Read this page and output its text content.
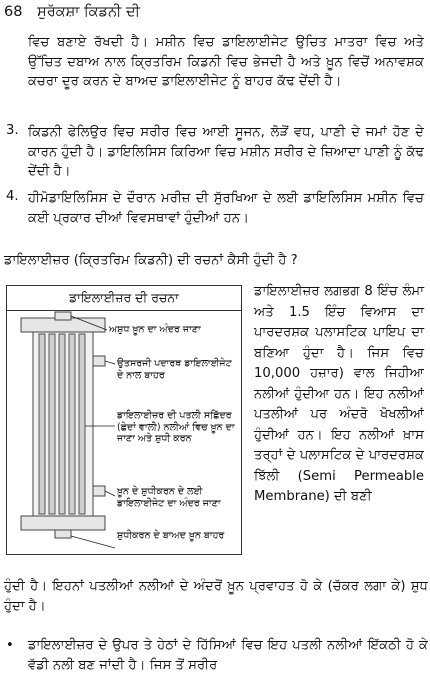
68 ਸੁਰੱਕਸ਼ਾ ਕਿਡਨੀ ਦੀ
ਵਿਚ ਬਣਾਏ ਰੱਖਦੀ ਹੈ। ਮਸ਼ੀਨ ਵਿਚ ਡਾਇਲਾਈਜੇਟ ਉਚਿਤ ਮਾਤਰਾ ਵਿਚ ਅਤੇ ਉੱਚਿਤ ਦਬਾਅ ਨਾਲ ਕ੍ਰਿਤਰਿਮ ਕਿਡਨੀ ਵਿਚ ਭੇਜਦੀ ਹੈ ਅਤੇ ਖ਼ੂਨ ਵਿਚੋਂ ਅਨਾਵਸ਼ਕ ਕਚਰਾ ਦੂਰ ਕਰਨ ਦੇ ਬਾਅਦ ਡਾਇਲਾਈਜੇਟ ਨੂੰ ਬਾਹਰ ਕੱਢ ਦੇਂਦੀ ਹੈ।
3. ਕਿਡਨੀ ਫੇਲਿਉਰ ਵਿਚ ਸਰੀਰ ਵਿਚ ਆਈ ਸੂਜਨ, ਲੋੜੋਂ ਵਧ, ਪਾਣੀ ਦੇ ਜਮਾਂ ਹੋਣ ਦੇ ਕਾਰਨ ਹੁੰਦੀ ਹੈ। ਡਾਇਲਿਸਿਸ ਕਿਰਿਆ ਵਿਚ ਮਸ਼ੀਨ ਸਰੀਰ ਦੇ ਜ਼ਿਆਦਾ ਪਾਣੀ ਨੂੰ ਕੱਢ ਦੇਂਦੀ ਹੈ।
4. ਹੀਮੋਡਾਇਲਿਸਿਸ ਦੇ ਦੌਰਾਨ ਮਰੀਜ਼ ਦੀ ਸੁੱਰਖਿਆ ਦੇ ਲਈ ਡਾਇਲਿਸਿਸ ਮਸ਼ੀਨ ਵਿਚ ਕਈ ਪ੍ਰਕਾਰ ਦੀਆਂ ਵਿਵਸਥਾਵਾਂ ਹੁੰਦੀਆਂ ਹਨ।
ਡਾਇਲਾਈਜ਼ਰ (ਕ੍ਰਿਤਰਿਮ ਕਿਡਨੀ) ਦੀ ਰਚਨਾਂ ਕੈਸੀ ਹੁੰਦੀ ਹੈ ?
ਡਾਇਲਾਈਜ਼ਰ ਦੀ ਰਚਨਾ
ਅਸ਼ੁਧ ਖ਼ੂਨ ਦਾ ਅੰਦਰ ਜਾਣਾ
ਉਤਸਰਜੀ ਪਦਾਰਥ ਡਾਇਲਾਈਜੇਟ ਦੇ ਨਾਲ ਬਾਹਰ
ਡਾਇਲਾਈਜ਼ਰ ਦੀ ਪਤਲੀ ਸਛਿੱਦਰ (ਛੇਦਾਂ ਵਾਲੀ) ਨਲੀਆਂ ਵਿਚ ਖ਼ੂਨ ਦਾ ਜਾਣਾ ਅਤੇ ਸ਼ੁਧੀ ਕਰਨ
ਖ਼ੂਨ ਦੇ ਸ਼ੁਧੀਕਰਨ ਦੇ ਲਈ ਡਾਇਲਾਈਜੇਟ ਦਾ ਅੰਦਰ ਜਾਣਾ
ਸ਼ੁਧੀਕਰਨ ਦੇ ਬਾਅਦ ਖ਼ੂਨ ਬਾਹਰ
ਡਾਇਲਾਈਜ਼ਰ ਲਗਭਗ 8 ਇੰਚ ਲੰਮਾ ਅਤੇ 1.5 ਇੰਚ ਵਿਆਸ ਦਾ ਪਾਰਦਰਸ਼ਕ ਪਲਾਸਟਿਕ ਪਾਇਪ ਦਾ ਬਣਿਆ ਹੁੰਦਾ ਹੈ। ਜਿਸ ਵਿਚ 10,000 ਹਜ਼ਾਰ) ਵਾਲ ਜਿਹੀਆ ਨਲੀਆਂ ਹੁੰਦੀਆ ਹਨ। ਇਹ ਨਲੀਆਂ ਪਤਲੀਆਂ ਪਰ ਅੰਦਰੋ ਖੋਖਲੀਆਂ ਹੁੰਦੀਆਂ ਹਨ। ਇਹ ਨਲੀਆਂ ਖ਼ਾਸ ਤਰ੍ਹਾਂ ਦੇ ਪਲਾਸਟਿਕ ਦੇ ਪਾਰਦਰਸ਼ਕ ਝਿੱਲੀ (Semi Permeable Membrane) ਦੀ ਬਣੀ
ਹੁੰਦੀ ਹੈ। ਇਹਨਾਂ ਪਤਲੀਆਂ ਨਲੀਆਂ ਦੇ ਅੰਦਰੋਂ ਖ਼ੂਨ ਪ੍ਰਵਾਹਤ ਹੋ ਕੇ (ਚੱਕਰ ਲਗਾ ਕੇ) ਸ਼ੁਧ ਹੁੰਦਾ ਹੈ।
• ਡਾਇਲਾਈਜ਼ਰ ਦੇ ਉਪਰ ਤੇ ਹੇਠਾਂ ਦੇ ਹਿੱਸਿਆਂ ਵਿਚ ਇਹ ਪਤਲੀ ਨਲੀਆਂ ਇੱਕਠੀ ਹੋ ਕੇ ਵੱਡੀ ਨਲੀ ਬਣ ਜਾਂਦੀ ਹੈ। ਜਿਸ ਤੋਂ ਸਰੀਰ
